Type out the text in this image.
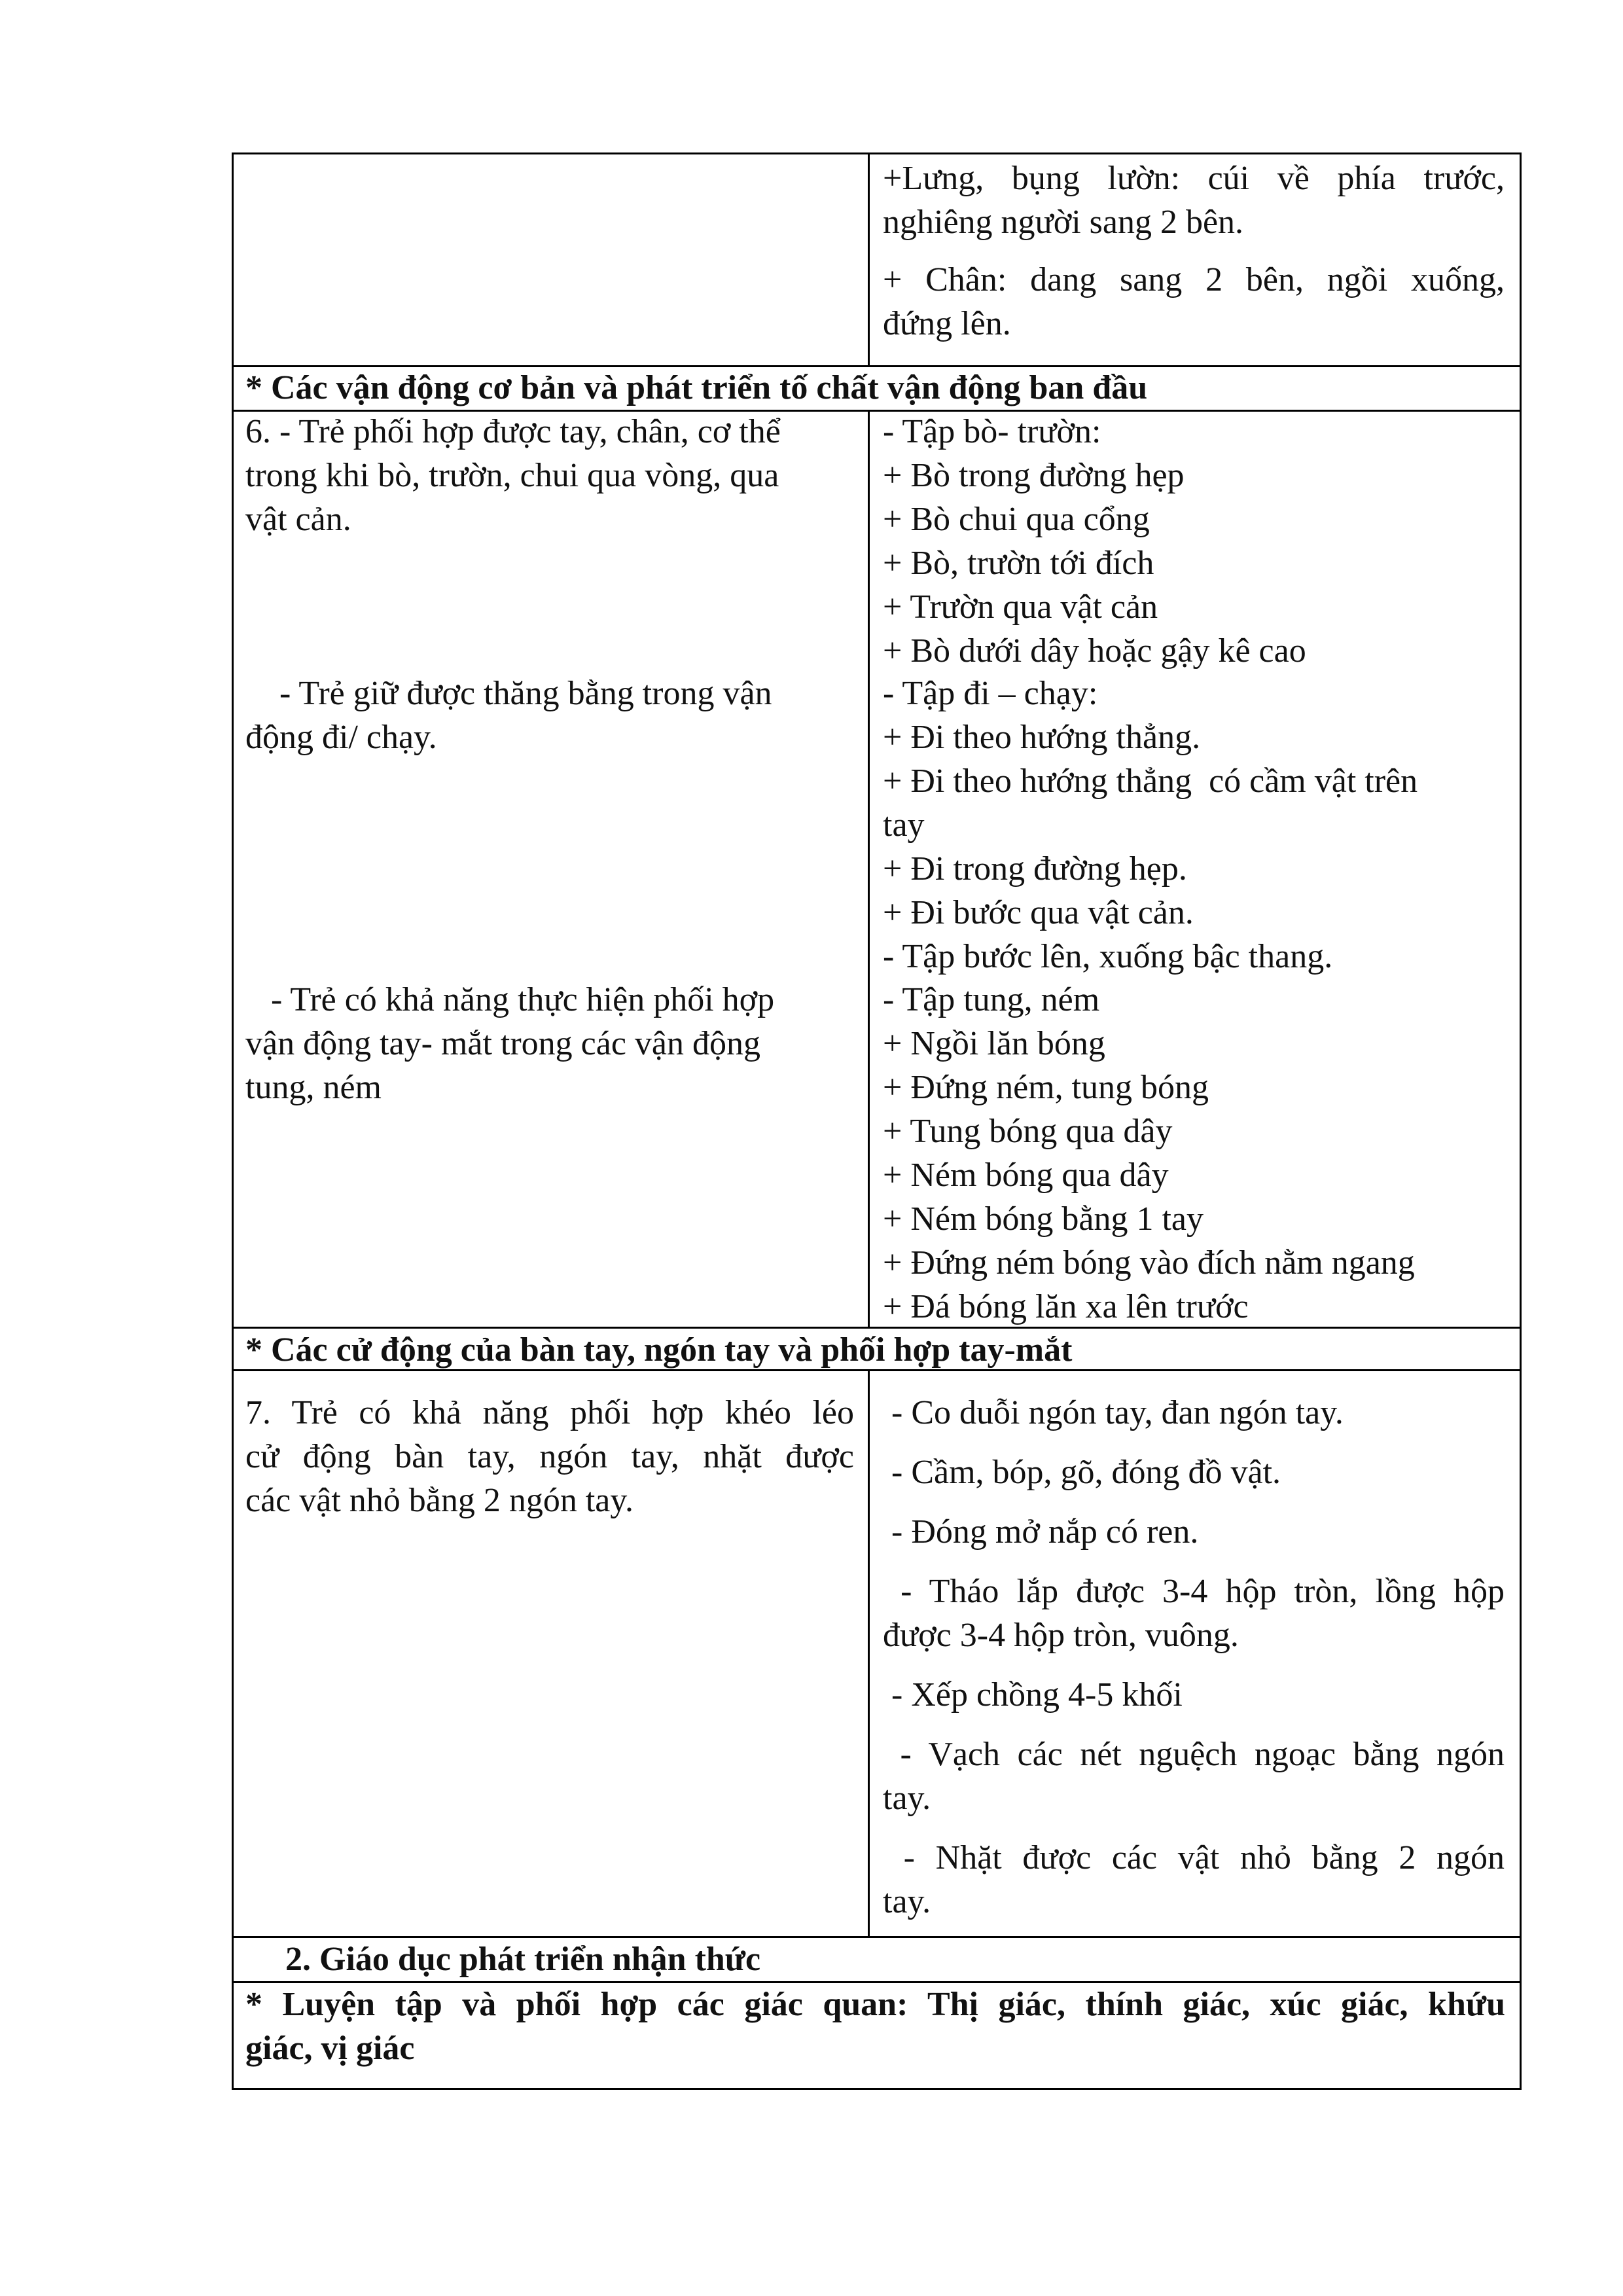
+Lưng, bụng lườn: cúi về phía trước,
nghiêng người sang 2 bên.
+ Chân: dang sang 2 bên, ngồi xuống,
đứng lên.
* Các vận động cơ bản và phát triển tố chất vận động ban đầu
6. - Trẻ phối hợp được tay, chân, cơ thể
trong khi bò, trườn, chui qua vòng, qua
vật cản.
- Trẻ giữ được thăng bằng trong vận
động đi/ chạy.
- Trẻ có khả năng thực hiện phối hợp
vận động tay- mắt trong các vận động
tung, ném
- Tập bò- trườn:
+ Bò trong đường hẹp
+ Bò chui qua cổng
+ Bò, trườn tới đích
+ Trườn qua vật cản
+ Bò dưới dây hoặc gậy kê cao
- Tập đi – chạy:
+ Đi theo hướng thẳng.
+ Đi theo hướng thẳng  có cầm vật trên
tay
+ Đi trong đường hẹp.
+ Đi bước qua vật cản.
- Tập bước lên, xuống bậc thang.
- Tập tung, ném
+ Ngồi lăn bóng
+ Đứng ném, tung bóng
+ Tung bóng qua dây
+ Ném bóng qua dây
+ Ném bóng bằng 1 tay
+ Đứng ném bóng vào đích nằm ngang
+ Đá bóng lăn xa lên trước
* Các cử động của bàn tay, ngón tay và phối hợp tay-mắt
7. Trẻ có khả năng phối hợp khéo léo
cử động bàn tay, ngón tay, nhặt được
các vật nhỏ bằng 2 ngón tay.
- Co duỗi ngón tay, đan ngón tay.
- Cầm, bóp, gõ, đóng đồ vật.
- Đóng mở nắp có ren.
- Tháo lắp được 3-4 hộp tròn, lồng hộp
được 3-4 hộp tròn, vuông.
- Xếp chồng 4-5 khối
- Vạch các nét nguệch ngoạc bằng ngón
tay.
- Nhặt được các vật nhỏ bằng 2 ngón
tay.
2. Giáo dục phát triển nhận thức
* Luyện tập và phối hợp các giác quan: Thị giác, thính giác, xúc giác, khứu
giác, vị giác
